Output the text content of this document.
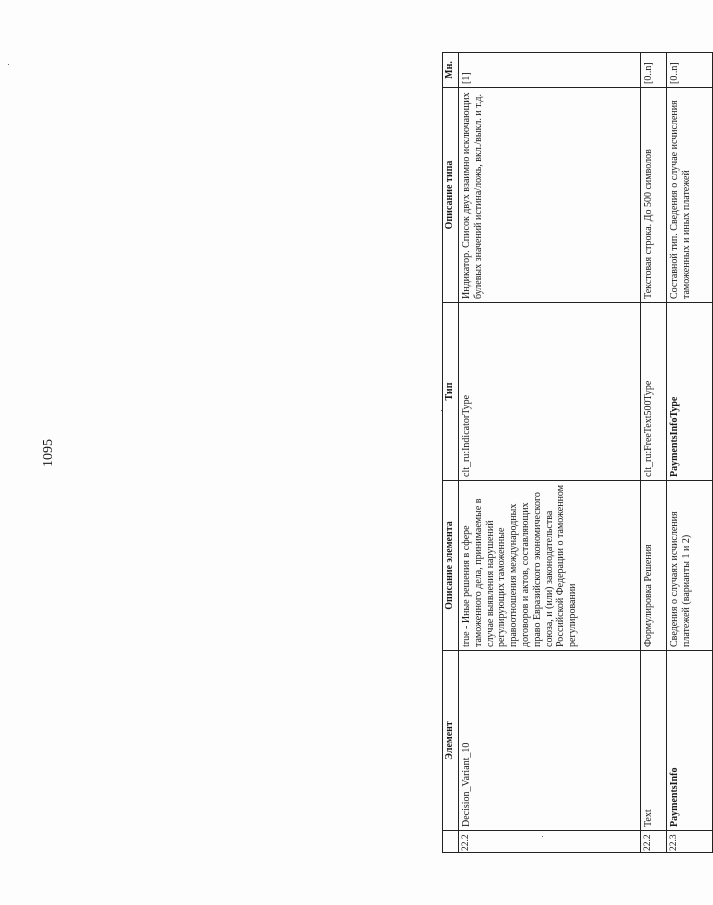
1095
	Элемент	Описание элемента	Тип	Описание типа	Мн.
22.2	Decision_Variant_10	true - Иные решения в сфере таможенного дела, принимаемые в случае выявления нарушений регулирующих таможенные правоотношения международных договоров и актов, составляющих право Евразийского экономического союза, и (или) законодательства Российской Федерации о таможенном регулировании	clt_ru:IndicatorType	Индикатор. Список двух взаимно исключающих булевых значений истина/ложь, вкл./выкл. и т.д.	[1]
22.2	Text	Формулировка Решения	clt_ru:FreeText500Type	Текстовая строка. До 500 символов	[0..n]
22.3	PaymentsInfo	Сведения о случаях исчисления платежей (варианты 1 и 2)	PaymentsInfoType	Составной тип. Сведения о случае исчисления таможенных и иных платежей	[0..n]
